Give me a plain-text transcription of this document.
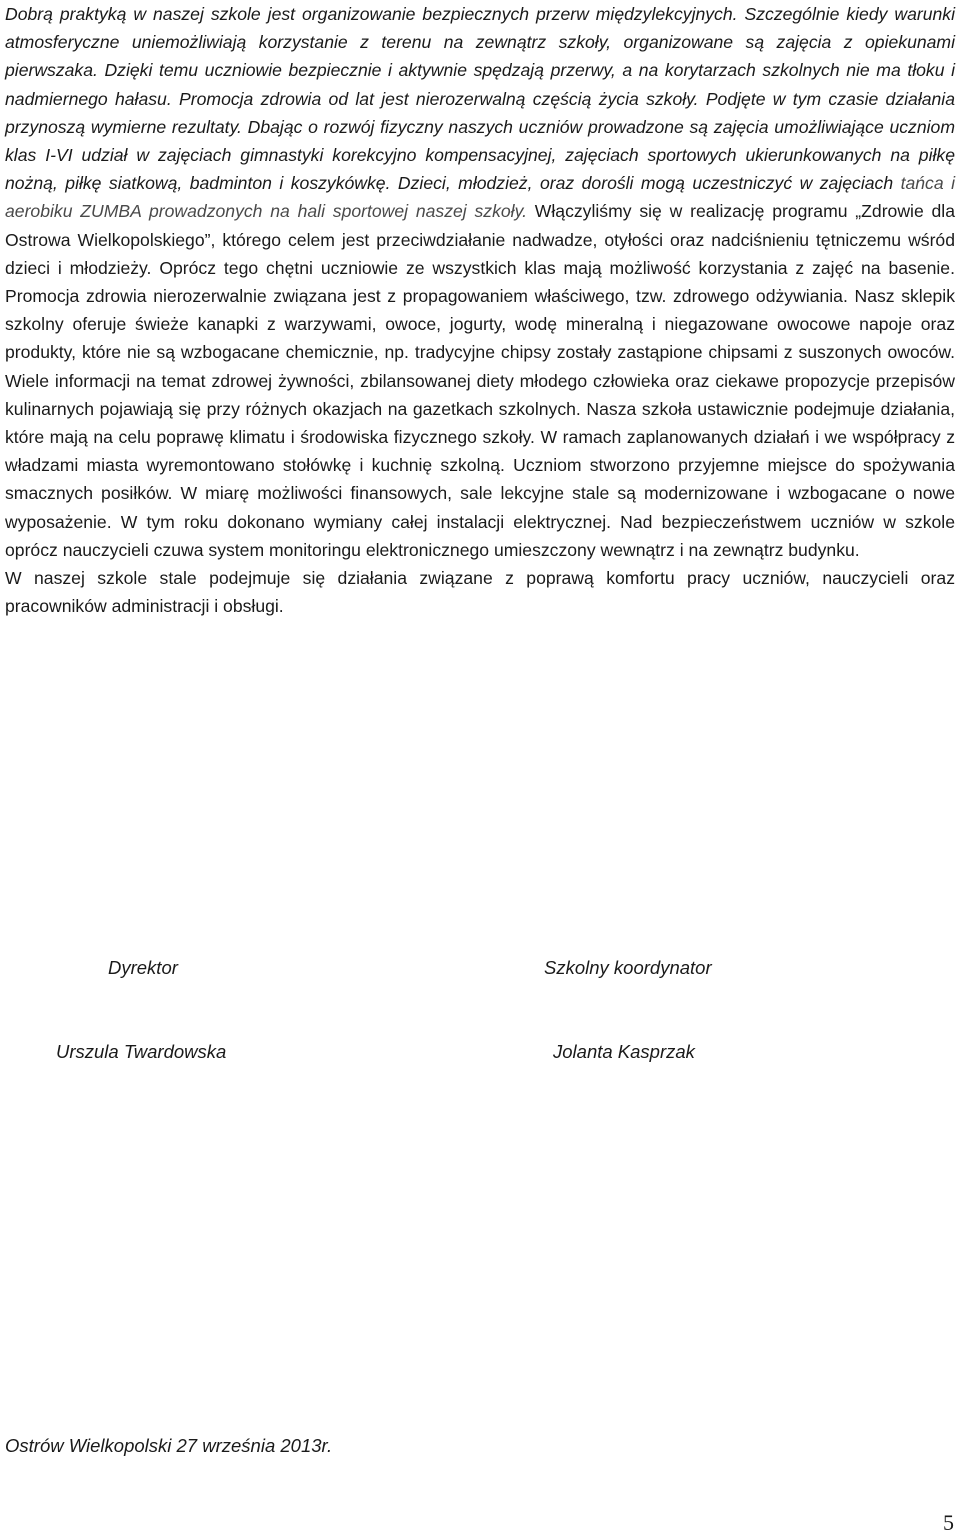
Dobrą praktyką w naszej szkole jest organizowanie bezpiecznych przerw międzylekcyjnych. Szczególnie kiedy warunki atmosferyczne uniemożliwiają korzystanie z terenu na zewnątrz szkoły, organizowane są zajęcia z opiekunami pierwszaka. Dzięki temu uczniowie bezpiecznie i aktywnie spędzają przerwy, a na korytarzach szkolnych nie ma tłoku i nadmiernego hałasu. Promocja zdrowia od lat jest nierozerwalną częścią życia szkoły. Podjęte w tym czasie działania przynoszą wymierne rezultaty. Dbając o rozwój fizyczny naszych uczniów prowadzone są zajęcia umożliwiające uczniom klas I-VI udział w zajęciach gimnastyki korekcyjno kompensacyjnej, zajęciach sportowych ukierunkowanych na piłkę nożną, piłkę siatkową, badminton i koszykówkę. Dzieci, młodzież, oraz dorośli mogą uczestniczyć w zajęciach tańca i aerobiku ZUMBA prowadzonych na hali sportowej naszej szkoły. Włączyliśmy się w realizację programu „Zdrowie dla Ostrowa Wielkopolskiego”, którego celem jest przeciwdziałanie nadwadze, otyłości oraz nadciśnieniu tętniczemu wśród dzieci i młodzieży. Oprócz tego chętni uczniowie ze wszystkich klas mają możliwość korzystania z zajęć na basenie. Promocja zdrowia nierozerwalnie związana jest z propagowaniem właściwego, tzw. zdrowego odżywiania. Nasz sklepik szkolny oferuje świeże kanapki z warzywami, owoce, jogurty, wodę mineralną i niegazowane owocowe napoje oraz produkty, które nie są wzbogacane chemicznie, np. tradycyjne chipsy zostały zastąpione chipsami z suszonych owoców. Wiele informacji na temat zdrowej żywności, zbilansowanej diety młodego człowieka oraz ciekawe propozycje przepisów kulinarnych pojawiają się przy różnych okazjach na gazetkach szkolnych. Nasza szkoła ustawicznie podejmuje działania, które mają na celu poprawę klimatu i środowiska fizycznego szkoły. W ramach zaplanowanych działań i we współpracy z władzami miasta wyremontowano stołówkę i kuchnię szkolną. Uczniom stworzono przyjemne miejsce do spożywania smacznych posiłków. W miarę możliwości finansowych, sale lekcyjne stale są modernizowane i wzbogacane o nowe wyposażenie. W tym roku dokonano wymiany całej instalacji elektrycznej. Nad bezpieczeństwem uczniów w szkole oprócz nauczycieli czuwa system monitoringu elektronicznego umieszczony wewnątrz i na zewnątrz budynku.

W naszej szkole stale podejmuje się działania związane z poprawą komfortu pracy uczniów, nauczycieli oraz pracowników administracji i obsługi.

Dyrektor	Szkolny koordynator
Urszula Twardowska	Jolanta Kasprzak
Ostrów Wielkopolski 27 września 2013r.
5
